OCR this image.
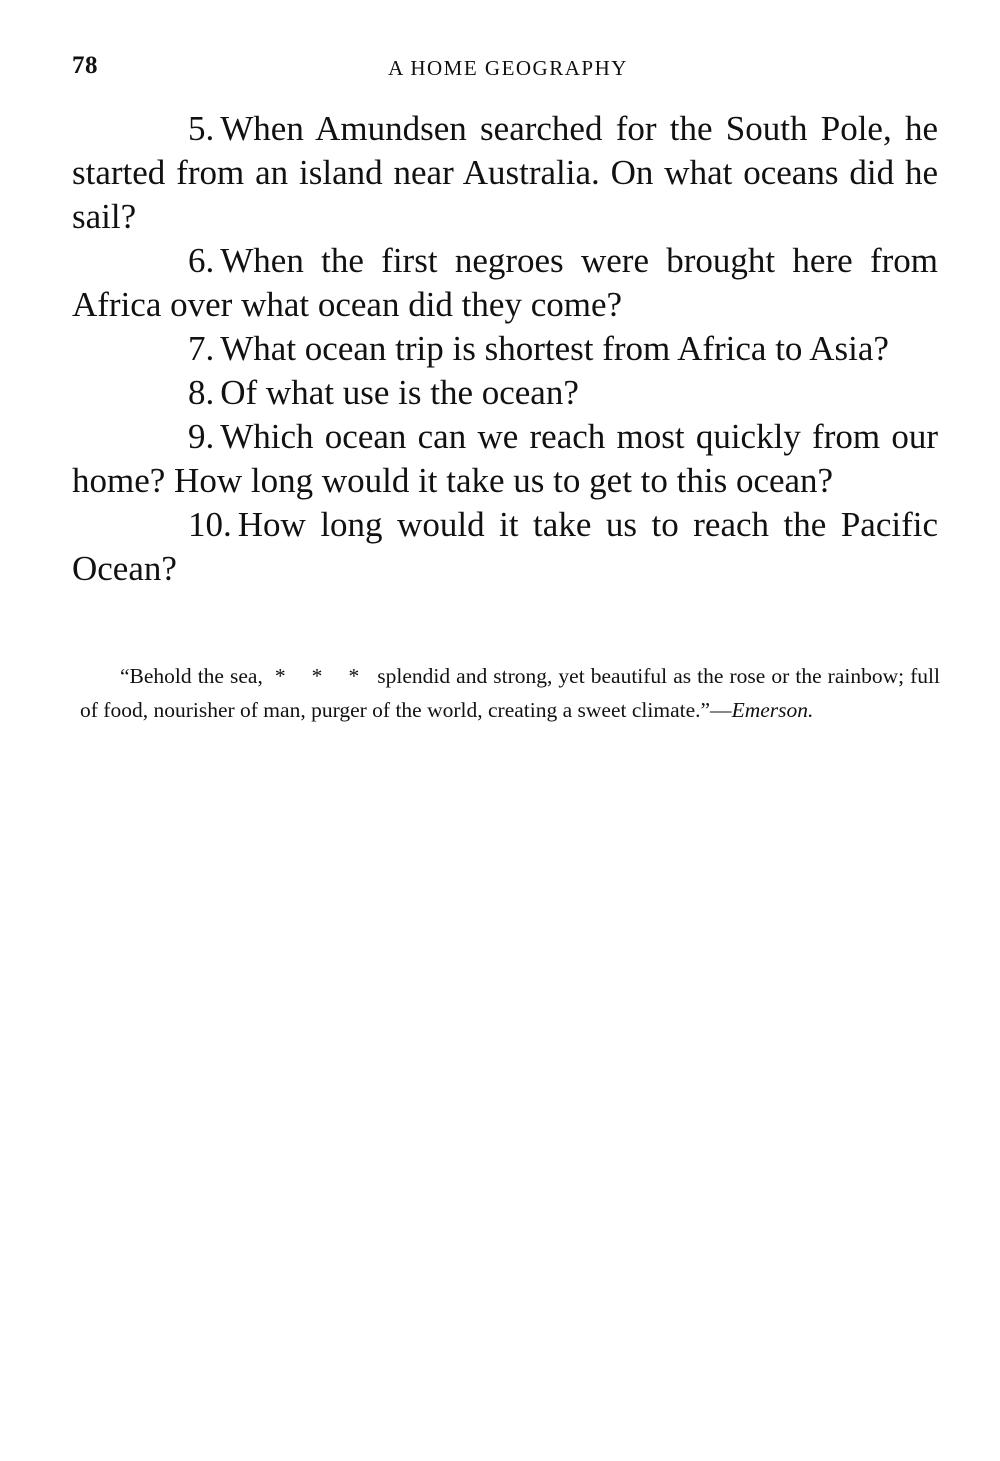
78	A HOME GEOGRAPHY

5. When Amundsen searched for the South Pole, he started from an island near Australia. On what oceans did he sail?

6. When the first negroes were brought here from Africa over what ocean did they come?

7. What ocean trip is shortest from Africa to Asia?

8. Of what use is the ocean?

9. Which ocean can we reach most quickly from our home? How long would it take us to get to this ocean?

10. How long would it take us to reach the Pacific Ocean?

“Behold the sea, * * * splendid and strong, yet beautiful as the rose or the rainbow; full of food, nourisher of man, purger of the world, creating a sweet climate.”—Emerson.
